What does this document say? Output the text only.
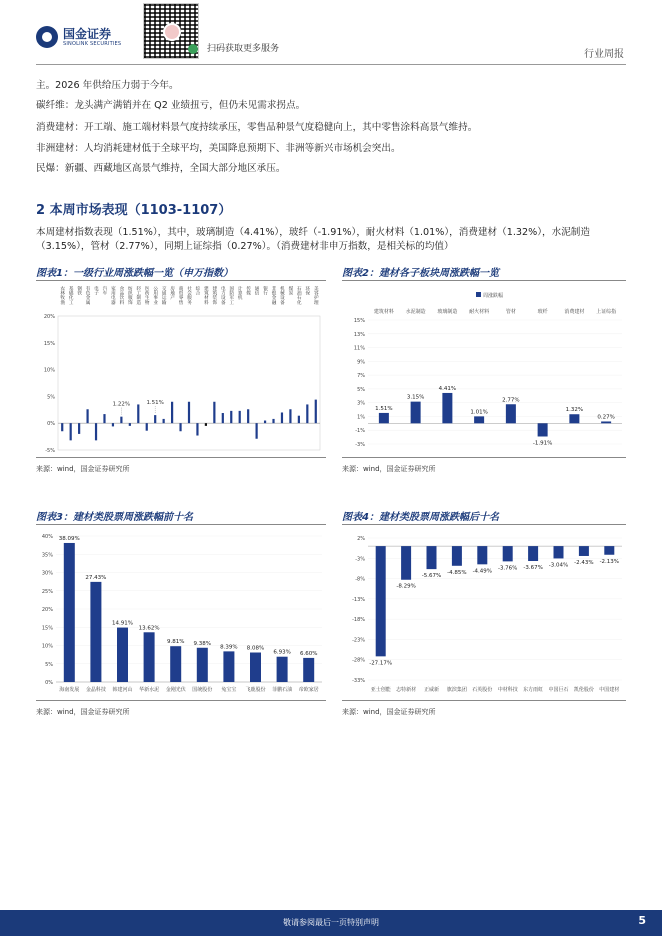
国金证券
SINOLINK SECURITIES
扫码获取更多服务	行业周报
主。2026 年供给压力弱于今年。
碳纤维：龙头满产满销并在 Q2 业绩扭亏，但仍未见需求拐点。
消费建材：开工端、施工端材料景气度持续承压，零售品种景气度稳健向上，其中零售涂料高景气维持。
非洲建材：人均消耗建材低于全球平均，美国降息预期下、非洲等新兴市场机会突出。
民爆：新疆、西藏地区高景气维持，全国大部分地区承压。
2 本周市场表现（1103-1107）
本周建材指数表现（1.51%），其中，玻璃制造（4.41%），玻纤（-1.91%），耐火材料（1.01%），消费建材（1.32%），水泥制造（3.15%），管材（2.77%），同期上证综指（0.27%）。（消费建材非申万指数，是相关标的均值）
图表1：一级行业周涨跌幅一览（申万指数）
-5%
0%
5%
10%
15%
20%
农林牧渔 基础化工 钢铁 有色金属 电子 汽车 家用电器 食品饮料 纺织服饰 轻工制造 医药生物 公用事业 交通运输 房地产 商贸零售 社会服务 综合 建筑材料 建筑装饰 电力设备 国防军工 计算机 传媒 通信 银行 非银金融 机械设备 煤炭 石油石化 环保 美容护理
1.22%	1.51%
来源：wind，国金证券研究所
图表2：建材各子板块周涨跌幅一览
周涨跌幅
-3%
-1%
1%
3%
5%
7%
9%
11%
13%
15%
建筑材料
1.51%
水泥制造
3.15%
玻璃制造
4.41%
耐火材料
1.01%
管材
2.77%
玻纤
-1.91%
消费建材
1.32%
上证综指
0.27%
来源：wind，国金证券研究所
图表3：建材类股票周涨跌幅前十名
0%
5%
10%
15%
20%
25%
30%
35%
40% 38.09%
海南发展
27.43%
金晶科技
14.91%
韩建河山
13.62%
华新水泥
9.81%
金刚光伏
9.38%
国统股份
8.39%
兔宝宝
8.08%
飞鹿股份
6.93%
菲鹏石油
6.60%
帝欧家居
来源：wind，国金证券研究所
图表4：建材类股票周涨跌幅后十名
2%
-3%
-8%
-13%
-18%
-23%
-28%
-33%
-27.17%
亚士创能
-8.29%
志特新材
-5.67%
正威新
-4.85%
旗滨集团
-4.49%
石英股份
-3.76%
中材科技
-3.67%
东方雨虹
-3.04%
中国巨石
-2.43%
凯伦股份
-2.13%
中国建材
来源：wind，国金证券研究所
敬请参阅最后一页特别声明	5
